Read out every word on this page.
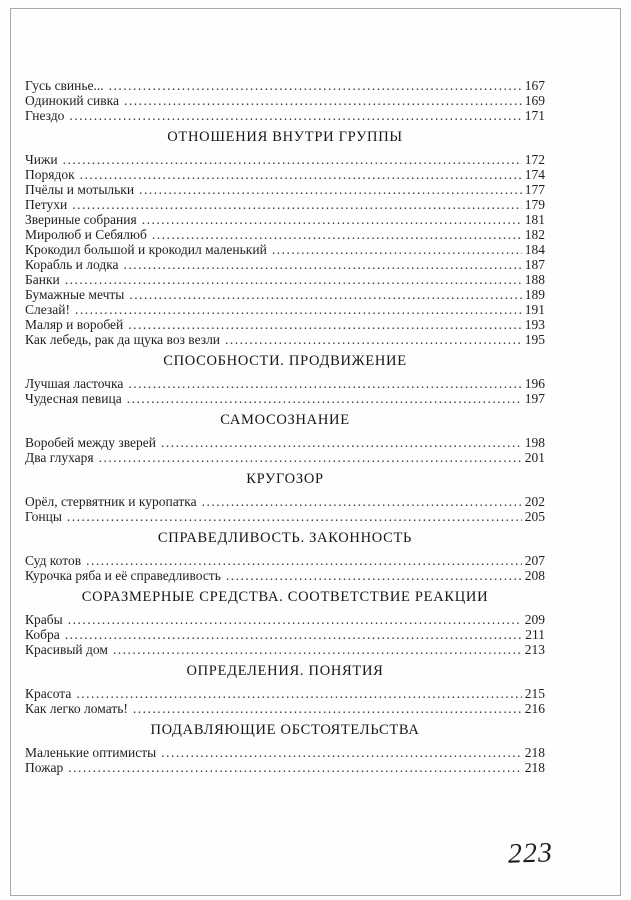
Гусь свинье... .....	167
Одинокий сивка .....	169
Гнездо .....	171
ОТНОШЕНИЯ ВНУТРИ ГРУППЫ
Чижи .....	172
Порядок .....	174
Пчёлы и мотыльки .....	177
Петухи .....	179
Звериные собрания .....	181
Миролюб и Себялюб .....	182
Крокодил большой и крокодил маленький .....	184
Корабль и лодка .....	187
Банки .....	188
Бумажные мечты .....	189
Слезай! .....	191
Маляр и воробей .....	193
Как лебедь, рак да щука воз везли .....	195
СПОСОБНОСТИ. ПРОДВИЖЕНИЕ
Лучшая ласточка .....	196
Чудесная певица .....	197
САМОСОЗНАНИЕ
Воробей между зверей .....	198
Два глухаря .....	201
КРУГОЗОР
Орёл, стервятник и куропатка .....	202
Гонцы .....	205
СПРАВЕДЛИВОСТЬ. ЗАКОННОСТЬ
Суд котов .....	207
Курочка ряба и её справедливость .....	208
СОРАЗМЕРНЫЕ СРЕДСТВА. СООТВЕТСТВИЕ РЕАКЦИИ
Крабы .....	209
Кобра .....	211
Красивый дом .....	213
ОПРЕДЕЛЕНИЯ. ПОНЯТИЯ
Красота .....	215
Как легко ломать! .....	216
ПОДАВЛЯЮЩИЕ ОБСТОЯТЕЛЬСТВА
Маленькие оптимисты .....	218
Пожар .....	218
223
